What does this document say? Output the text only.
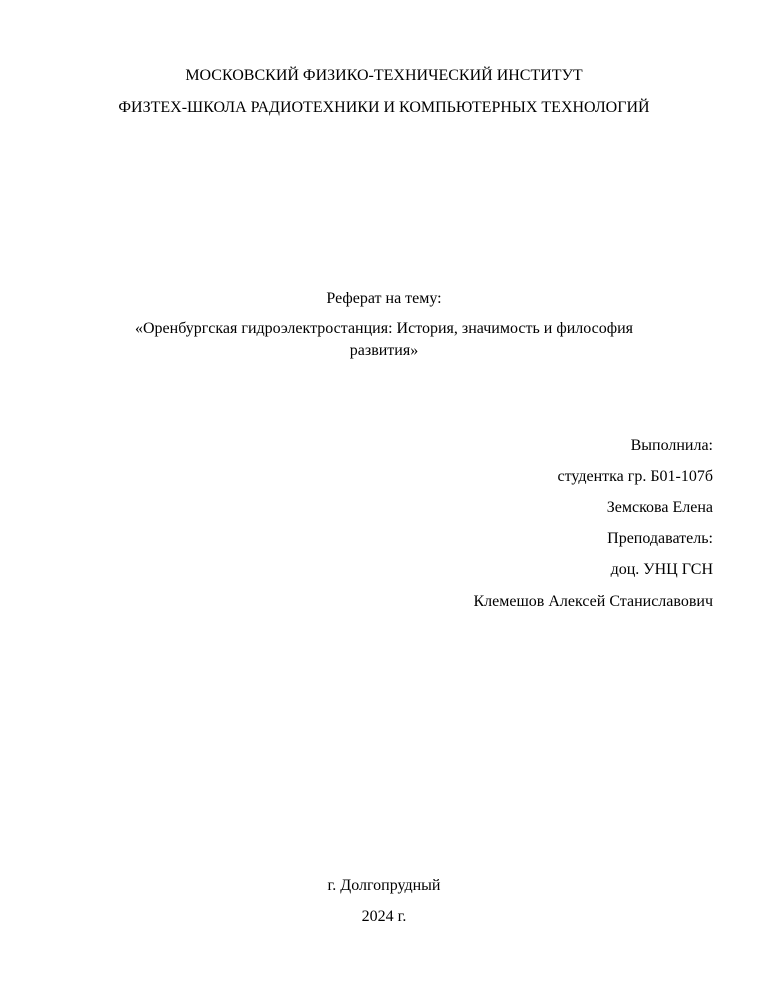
МОСКОВСКИЙ ФИЗИКО-ТЕХНИЧЕСКИЙ ИНСТИТУТ
ФИЗТЕХ-ШКОЛА РАДИОТЕХНИКИ И КОМПЬЮТЕРНЫХ ТЕХНОЛОГИЙ
Реферат на тему:
«Оренбургская гидроэлектростанция: История, значимость и философия развития»
Выполнила:
студентка гр. Б01-107б
Земскова Елена
Преподаватель:
доц. УНЦ ГСН
Клемешов Алексей Станиславович
г. Долгопрудный
2024 г.
